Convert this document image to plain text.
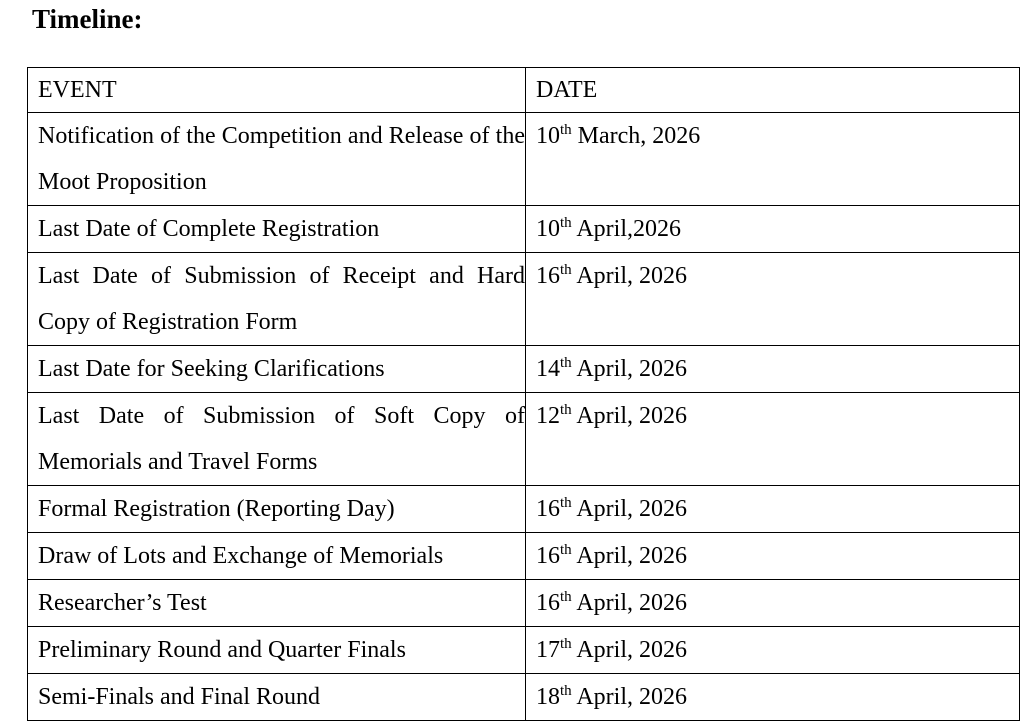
Timeline:
EVENT	DATE
Notification of the Competition and Release of the Moot Proposition	10th March, 2026
Last Date of Complete Registration	10th April,2026
Last Date of Submission of Receipt and Hard Copy of Registration Form	16th April, 2026
Last Date for Seeking Clarifications	14th April, 2026
Last Date of Submission of Soft Copy of Memorials and Travel Forms	12th April, 2026
Formal Registration (Reporting Day)	16th April, 2026
Draw of Lots and Exchange of Memorials	16th April, 2026
Researcher’s Test	16th April, 2026
Preliminary Round and Quarter Finals	17th April, 2026
Semi-Finals and Final Round	18th April, 2026
